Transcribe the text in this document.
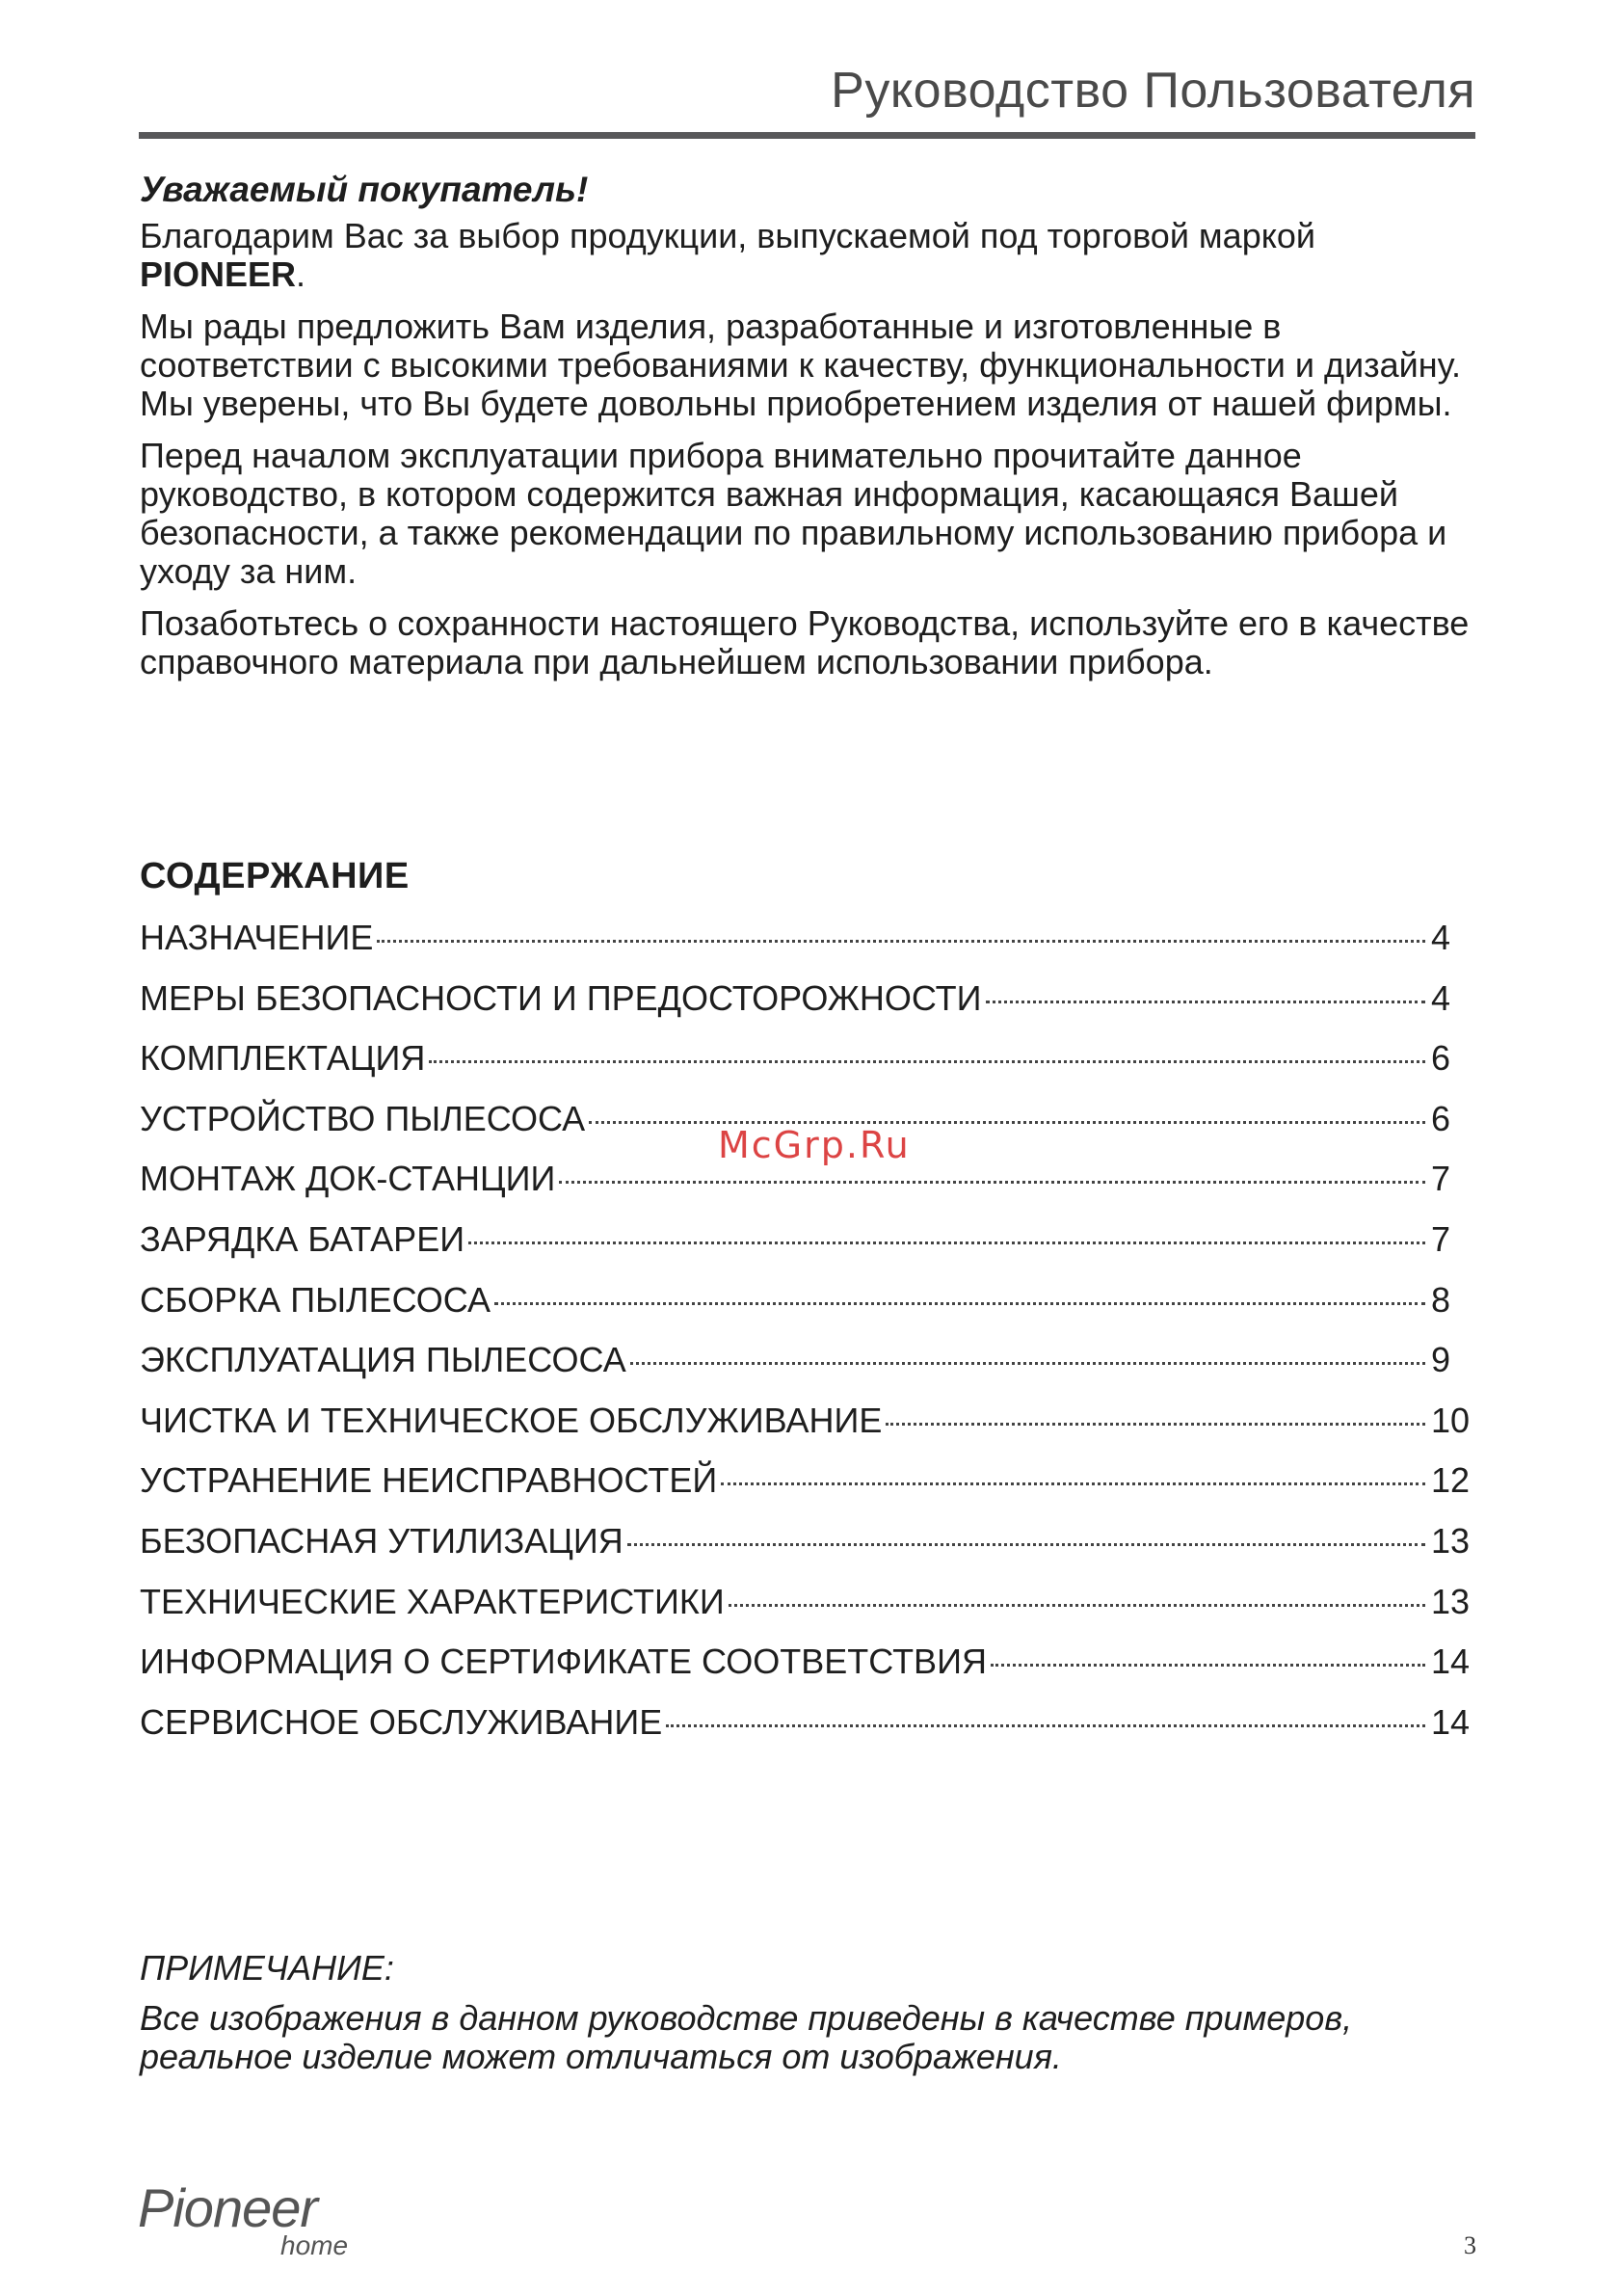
Руководство Пользователя
Уважаемый покупатель!

Благодарим Вас за выбор продукции, выпускаемой под торговой маркой PIONEER.

Мы рады предложить Вам изделия, разработанные и изготовленные в соответствии с высокими требованиями к качеству, функциональности и дизайну. Мы уверены, что Вы будете довольны приобретением изделия от нашей фирмы.

Перед началом эксплуатации прибора внимательно прочитайте данное руководство, в котором содержится важная информация, касающаяся Вашей безопасности, а также рекомендации по правильному использованию прибора и уходу за ним.

Позаботьтесь о сохранности настоящего Руководства, используйте его в качестве справочного материала при дальнейшем использовании прибора.

СОДЕРЖАНИЕ
НАЗНАЧЕНИЕ	4
МЕРЫ БЕЗОПАСНОСТИ И ПРЕДОСТОРОЖНОСТИ	4
КОМПЛЕКТАЦИЯ	6
УСТРОЙСТВО ПЫЛЕСОСА	6
МОНТАЖ ДОК-СТАНЦИИ	7
ЗАРЯДКА БАТАРЕИ	7
СБОРКА ПЫЛЕСОСА	8
ЭКСПЛУАТАЦИЯ ПЫЛЕСОСА	9
ЧИСТКА И ТЕХНИЧЕСКОЕ ОБСЛУЖИВАНИЕ	10
УСТРАНЕНИЕ НЕИСПРАВНОСТЕЙ	12
БЕЗОПАСНАЯ УТИЛИЗАЦИЯ	13
ТЕХНИЧЕСКИЕ ХАРАКТЕРИСТИКИ	13
ИНФОРМАЦИЯ О СЕРТИФИКАТЕ СООТВЕТСТВИЯ	14
СЕРВИСНОЕ ОБСЛУЖИВАНИЕ	14
McGrp.Ru
ПРИМЕЧАНИЕ:
Все изображения в данном руководстве приведены в качестве примеров, реальное изделие может отличаться от изображения.
Pioneer
home	3
